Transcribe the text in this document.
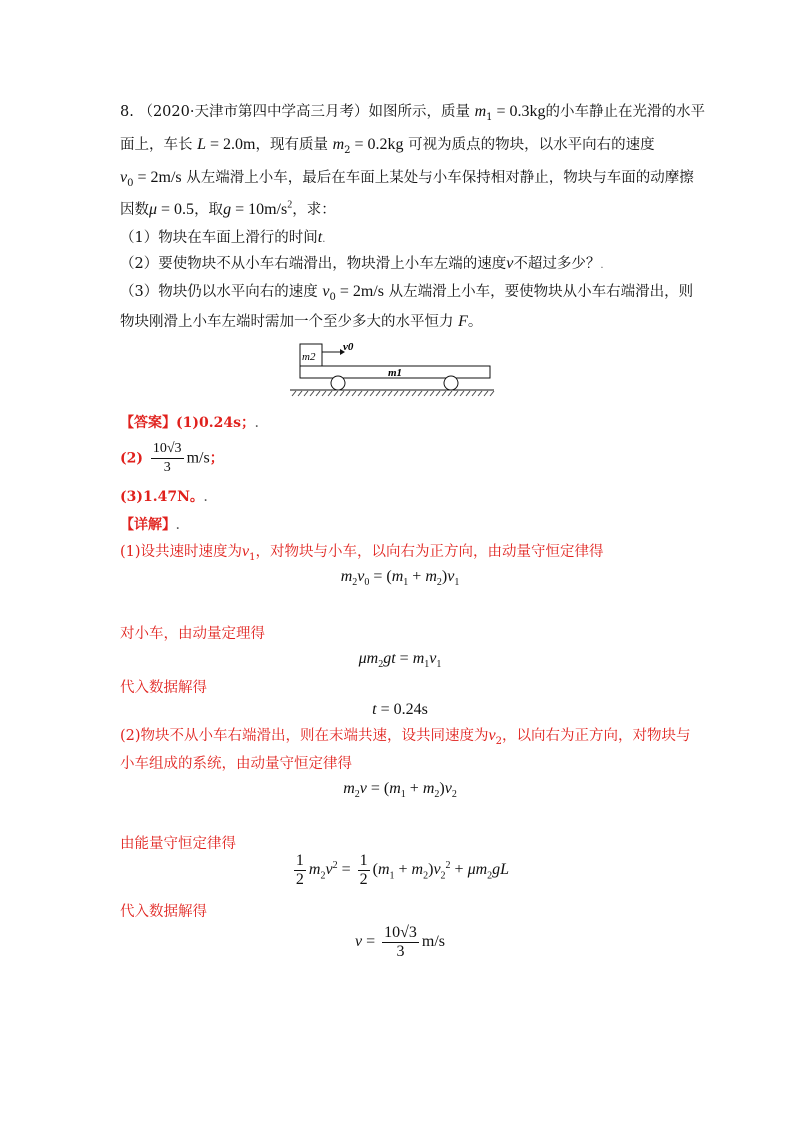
8. （2020·天津市第四中学高三月考）如图所示，质量 $m_1 = 0.3kg$的小车静止在光滑的水平
面上，车长 L = 2.0m，现有质量 $m_2 = 0.2kg$ 可视为质点的物块，以水平向右的速度
$v_0 = 2m/s$ 从左端滑上小车，最后在车面上某处与小车保持相对静止，物块与车面的动摩擦
因数μ = 0.5，取$g = 10m/s^2$，求：
（1）物块在车面上滑行的时间t.
（2）要使物块不从小车右端滑出，物块滑上小车左端的速度v不超过多少？.
（3）物块仍以水平向右的速度 $v_0 = 2m/s$ 从左端滑上小车，要使物块从小车右端滑出，则
物块刚滑上小车左端时需加一个至少多大的水平恒力 F。
m2
v0
m1
【答案】(1)0.24s；.
$(2) \frac{10√3}{3} m/s$；
(3)1.47N。.
【详解】.
(1)设共速时速度为$v_1$，对物块与小车，以向右为正方向，由动量守恒定律得
$m_2v_0 = (m_1 + m_2)v_1$
对小车，由动量定理得
$\mu m_2gt = m_1v_1$
代入数据解得
t = 0.24s
(2)物块不从小车右端滑出，则在末端共速，设共同速度为$v_2$，以向右为正方向，对物块与
小车组成的系统，由动量守恒定律得
$m_2v = (m_1 + m_2)v_2$
由能量守恒定律得
$\frac{1}{2} m_2v^2 = \frac{1}{2} (m_1 + m_2)v_2^2 + \mu m_2gL$
代入数据解得
$v = \frac{10√3}{3} m/s$
